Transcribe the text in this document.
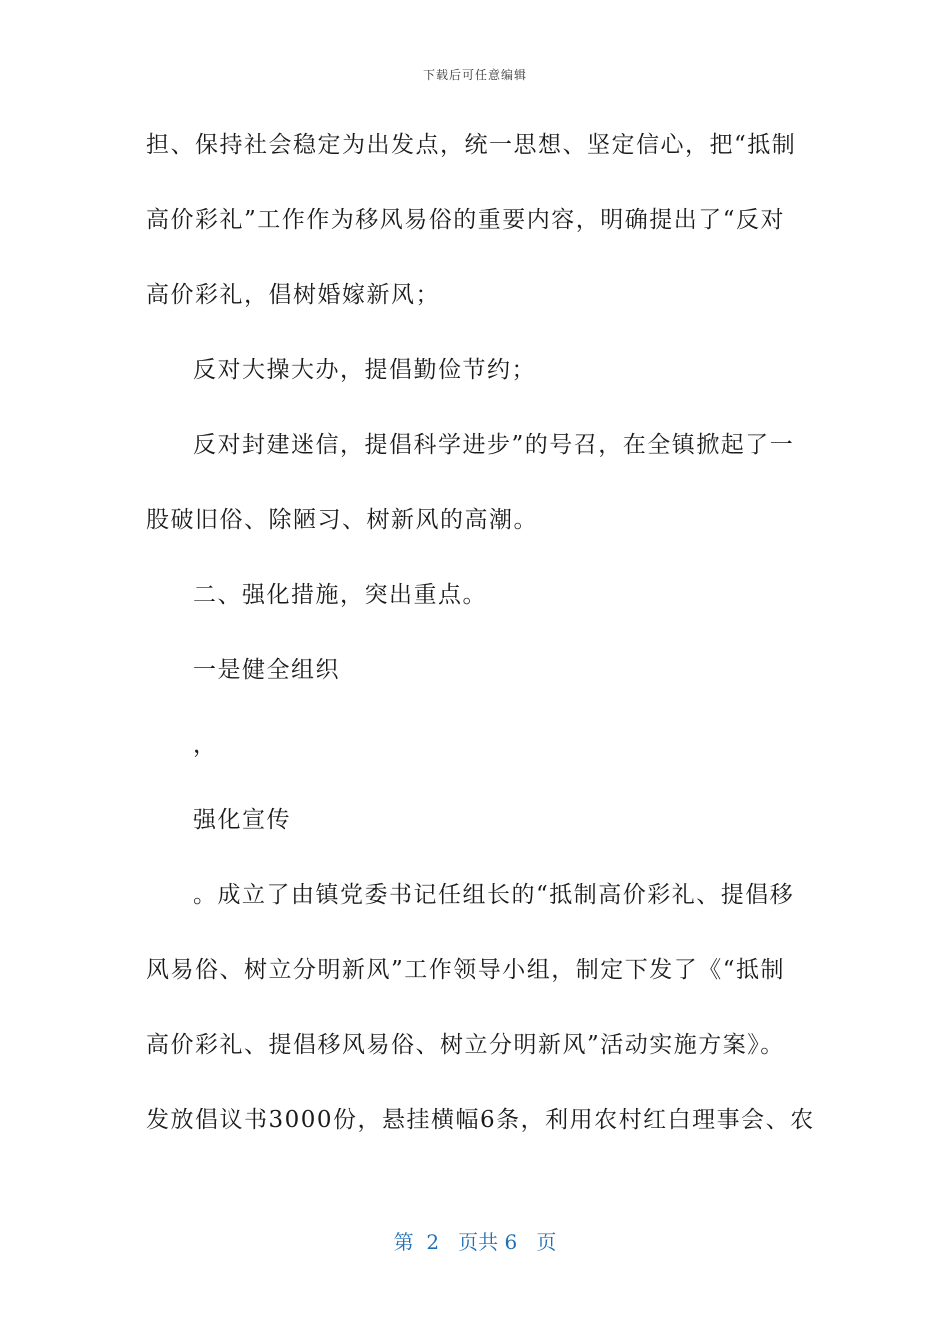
下载后可任意编辑
担、保持社会稳定为出发点，统一思想、坚定信心，把“抵制
高价彩礼”工作作为移风易俗的重要内容，明确提出了“反对
高价彩礼，倡树婚嫁新风；
反对大操大办，提倡勤俭节约；
反对封建迷信，提倡科学进步”的号召，在全镇掀起了一
股破旧俗、除陋习、树新风的高潮。
二、强化措施，突出重点。
一是健全组织
，
强化宣传
。成立了由镇党委书记任组长的“抵制高价彩礼、提倡移
风易俗、树立分明新风”工作领导小组，制定下发了《“抵制
高价彩礼、提倡移风易俗、树立分明新风”活动实施方案》。
发放倡议书3000份，悬挂横幅6条，利用农村红白理事会、农
第  2   页共 6   页
